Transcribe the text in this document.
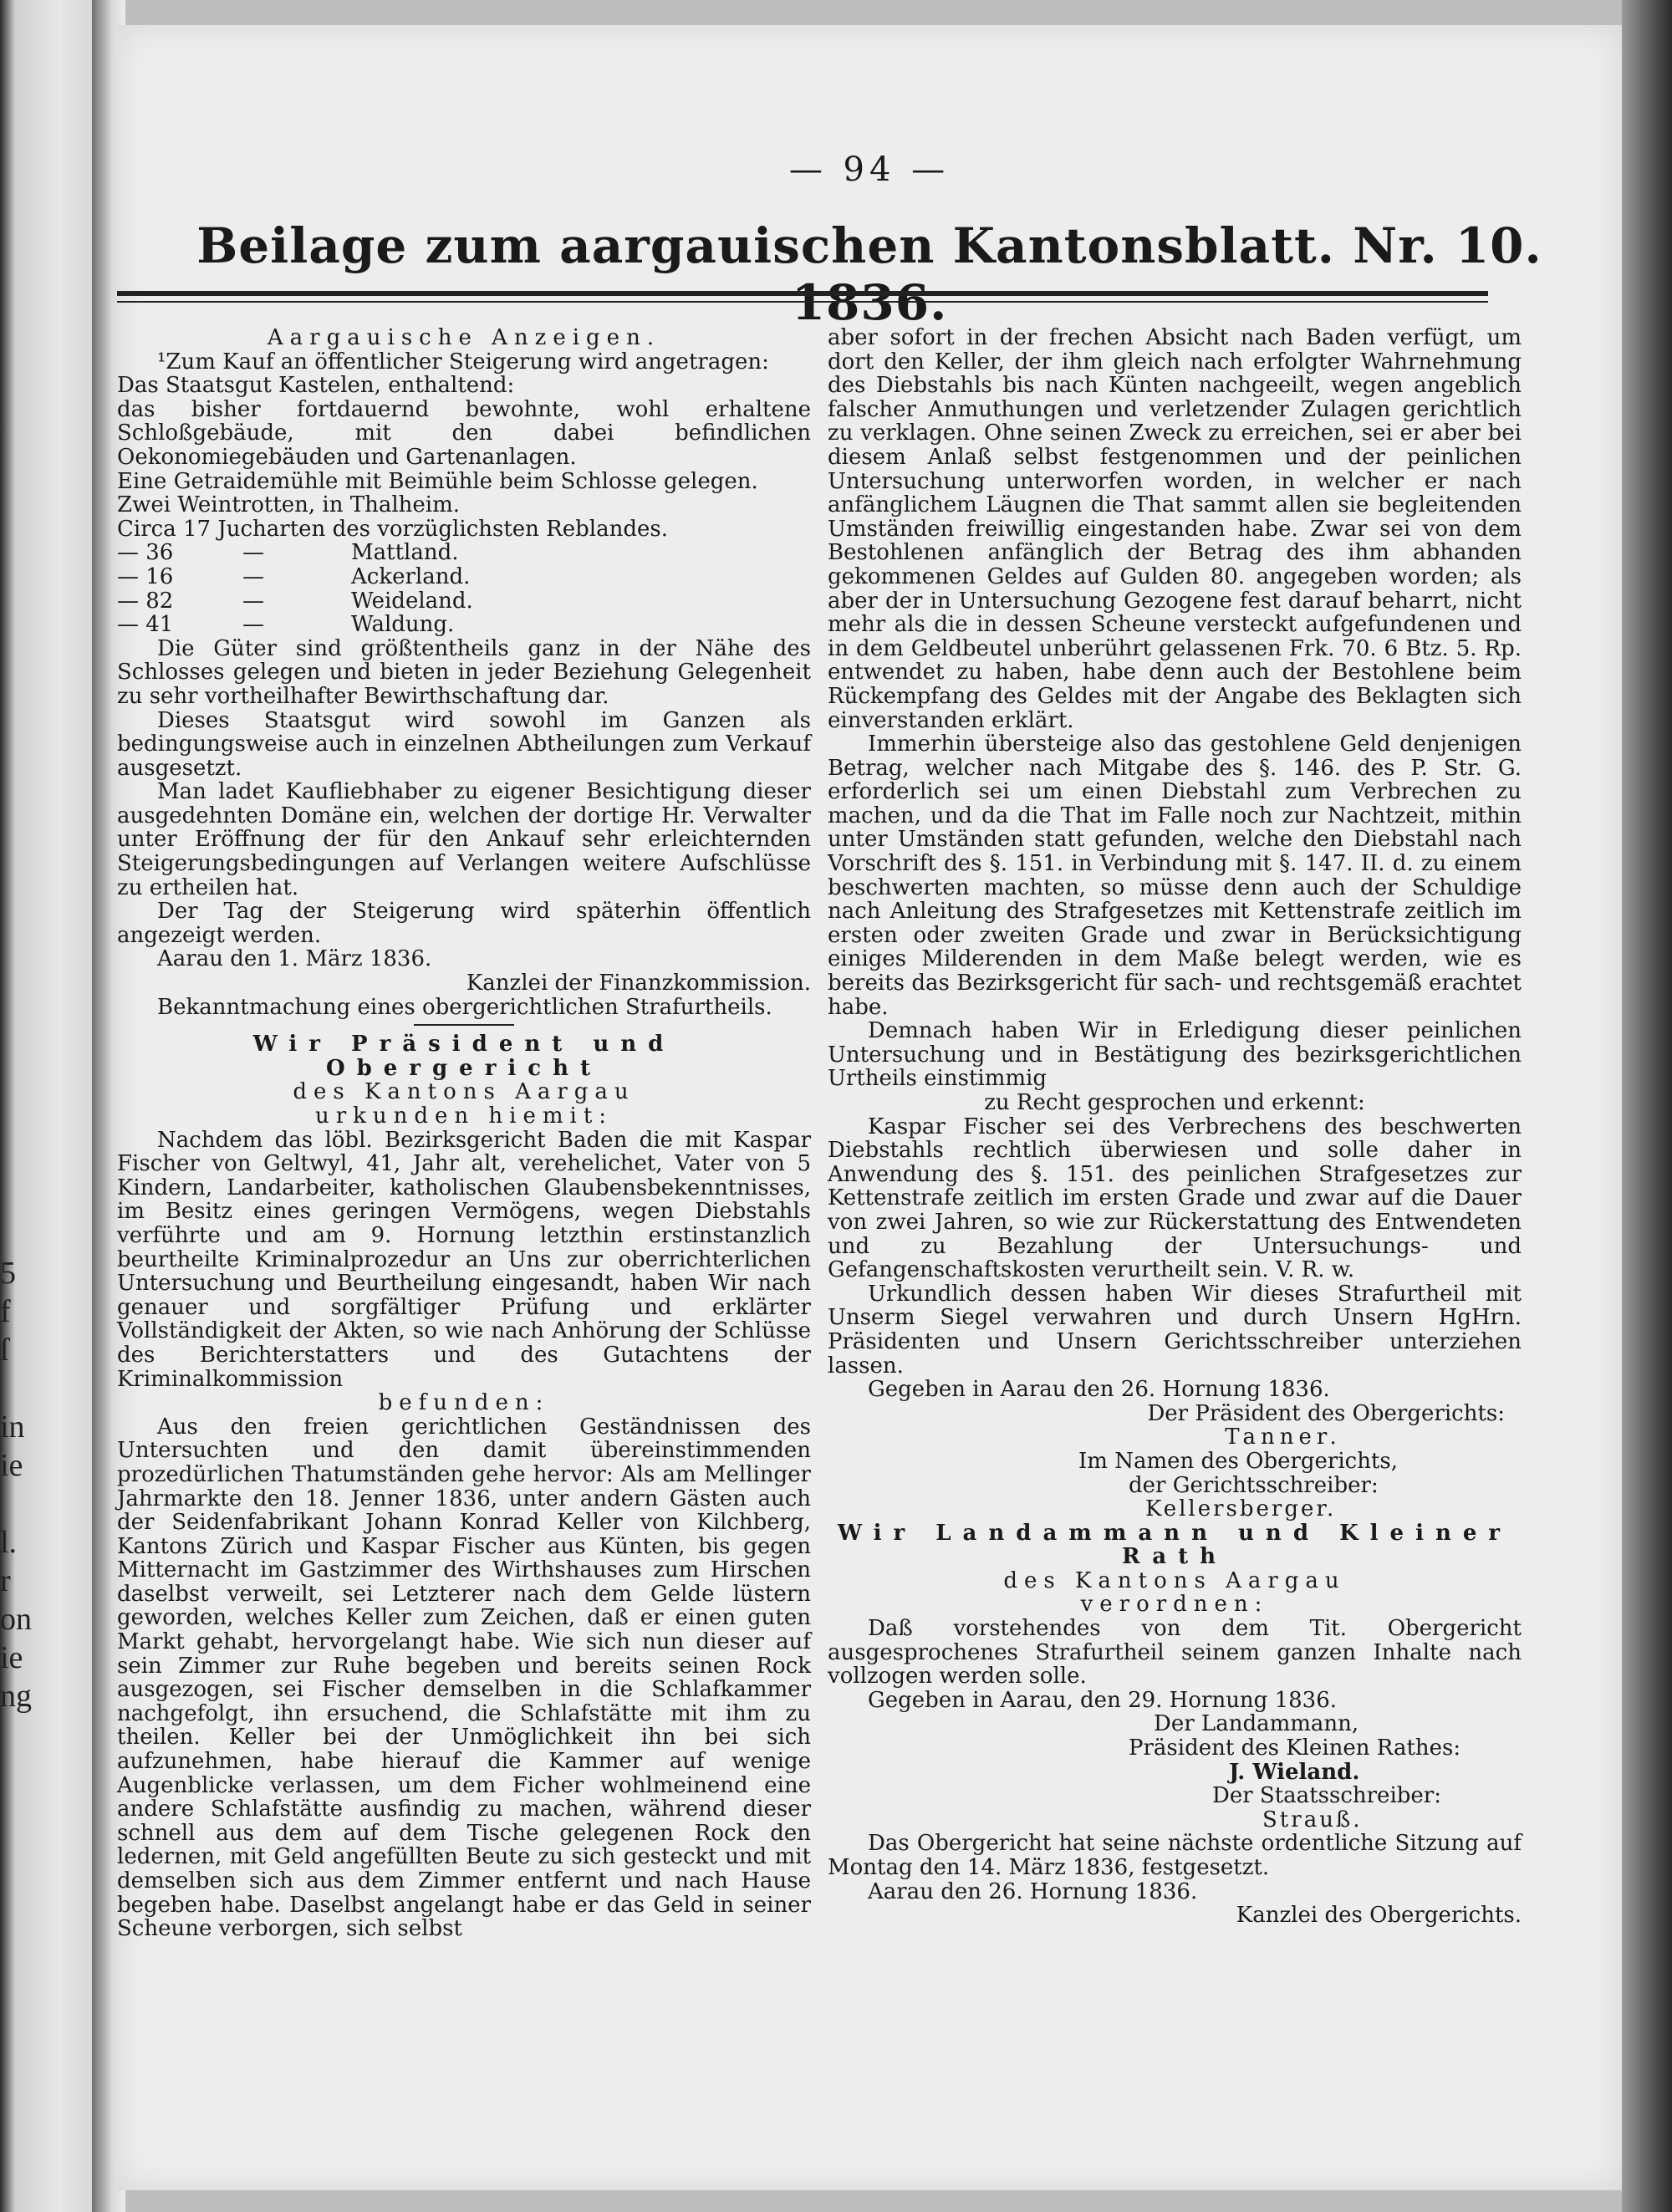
5
f
ſ

in
ie

l.
r
on
ie
ng
— 94 —
Beilage zum aargauischen Kantonsblatt. Nr. 10. 1836.

Aargauische Anzeigen.

¹Zum Kauf an öffentlicher Steigerung wird angetragen:

Das Staatsgut Kastelen, enthaltend:

das bisher fortdauernd bewohnte, wohl erhaltene Schloßgebäude, mit den dabei befindlichen Oekonomiegebäuden und Gartenanlagen.

Eine Getraidemühle mit Beimühle beim Schlosse gelegen.

Zwei Weintrotten, in Thalheim.

Circa 17 Jucharten des vorzüglichsten Reblandes.

— 36	—	Mattland.
— 16	—	Ackerland.
— 82	—	Weideland.
— 41	—	Waldung.

Die Güter sind größtentheils ganz in der Nähe des Schlosses gelegen und bieten in jeder Beziehung Gelegenheit zu sehr vortheilhafter Bewirthschaftung dar.

Dieses Staatsgut wird sowohl im Ganzen als bedingungsweise auch in einzelnen Abtheilungen zum Verkauf ausgesetzt.

Man ladet Kaufliebhaber zu eigener Besichtigung dieser ausgedehnten Domäne ein, welchen der dortige Hr. Verwalter unter Eröffnung der für den Ankauf sehr erleichternden Steigerungsbedingungen auf Verlangen weitere Aufschlüsse zu ertheilen hat.

Der Tag der Steigerung wird späterhin öffentlich angezeigt werden.

Aarau den 1. März 1836.

Kanzlei der Finanzkommission.

Bekanntmachung eines obergerichtlichen Strafurtheils.

Wir Präsident und Obergericht

des Kantons Aargau

urkunden hiemit:

Nachdem das löbl. Bezirksgericht Baden die mit Kaspar Fischer von Geltwyl, 41, Jahr alt, verehelichet, Vater von 5 Kindern, Landarbeiter, katholischen Glaubensbekenntnisses, im Besitz eines geringen Vermögens, wegen Diebstahls verführte und am 9. Hornung letzthin erstinstanzlich beurtheilte Kriminalprozedur an Uns zur oberrichterlichen Untersuchung und Beurtheilung eingesandt, haben Wir nach genauer und sorgfältiger Prüfung und erklärter Vollständigkeit der Akten, so wie nach Anhörung der Schlüsse des Berichterstatters und des Gutachtens der Kriminalkommission

befunden:

Aus den freien gerichtlichen Geständnissen des Untersuchten und den damit übereinstimmenden prozedürlichen Thatumständen gehe hervor: Als am Mellinger Jahrmarkte den 18. Jenner 1836, unter andern Gästen auch der Seidenfabrikant Johann Konrad Keller von Kilchberg, Kantons Zürich und Kaspar Fischer aus Künten, bis gegen Mitternacht im Gastzimmer des Wirthshauses zum Hirschen daselbst verweilt, sei Letzterer nach dem Gelde lüstern geworden, welches Keller zum Zeichen, daß er einen guten Markt gehabt, hervorgelangt habe. Wie sich nun dieser auf sein Zimmer zur Ruhe begeben und bereits seinen Rock ausgezogen, sei Fischer demselben in die Schlafkammer nachgefolgt, ihn ersuchend, die Schlafstätte mit ihm zu theilen. Keller bei der Unmöglichkeit ihn bei sich aufzunehmen, habe hierauf die Kammer auf wenige Augenblicke verlassen, um dem Ficher wohlmeinend eine andere Schlafstätte ausfindig zu machen, während dieser schnell aus dem auf dem Tische gelegenen Rock den ledernen, mit Geld angefüllten Beute zu sich gesteckt und mit demselben sich aus dem Zimmer entfernt und nach Hause begeben habe. Daselbst angelangt habe er das Geld in seiner Scheune verborgen, sich selbst

aber sofort in der frechen Absicht nach Baden verfügt, um dort den Keller, der ihm gleich nach erfolgter Wahrnehmung des Diebstahls bis nach Künten nachgeeilt, wegen angeblich falscher Anmuthungen und verletzender Zulagen gerichtlich zu verklagen. Ohne seinen Zweck zu erreichen, sei er aber bei diesem Anlaß selbst festgenommen und der peinlichen Untersuchung unterworfen worden, in welcher er nach anfänglichem Läugnen die That sammt allen sie begleitenden Umständen freiwillig eingestanden habe. Zwar sei von dem Bestohlenen anfänglich der Betrag des ihm abhanden gekommenen Geldes auf Gulden 80. angegeben worden; als aber der in Untersuchung Gezogene fest darauf beharrt, nicht mehr als die in dessen Scheune versteckt aufgefundenen und in dem Geldbeutel unberührt gelassenen Frk. 70. 6 Btz. 5. Rp. entwendet zu haben, habe denn auch der Bestohlene beim Rückempfang des Geldes mit der Angabe des Beklagten sich einverstanden erklärt.

Immerhin übersteige also das gestohlene Geld denjenigen Betrag, welcher nach Mitgabe des §. 146. des P. Str. G. erforderlich sei um einen Diebstahl zum Verbrechen zu machen, und da die That im Falle noch zur Nachtzeit, mithin unter Umständen statt gefunden, welche den Diebstahl nach Vorschrift des §. 151. in Verbindung mit §. 147. II. d. zu einem beschwerten machten, so müsse denn auch der Schuldige nach Anleitung des Strafgesetzes mit Kettenstrafe zeitlich im ersten oder zweiten Grade und zwar in Berücksichtigung einiges Milderenden in dem Maße belegt werden, wie es bereits das Bezirksgericht für sach- und rechtsgemäß erachtet habe.

Demnach haben Wir in Erledigung dieser peinlichen Untersuchung und in Bestätigung des bezirksgerichtlichen Urtheils einstimmig

zu Recht gesprochen und erkennt:

Kaspar Fischer sei des Verbrechens des beschwerten Diebstahls rechtlich überwiesen und solle daher in Anwendung des §. 151. des peinlichen Strafgesetzes zur Kettenstrafe zeitlich im ersten Grade und zwar auf die Dauer von zwei Jahren, so wie zur Rückerstattung des Entwendeten und zu Bezahlung der Untersuchungs- und Gefangenschaftskosten verurtheilt sein. V. R. w.

Urkundlich dessen haben Wir dieses Strafurtheil mit Unserm Siegel verwahren und durch Unsern HgHrn. Präsidenten und Unsern Gerichtsschreiber unterziehen lassen.

Gegeben in Aarau den 26. Hornung 1836.

Der Präsident des Obergerichts:

Tanner.

Im Namen des Obergerichts,

der Gerichtsschreiber:

Kellersberger.

Wir Landammann und Kleiner Rath

des Kantons Aargau

verordnen:

Daß vorstehendes von dem Tit. Obergericht ausgesprochenes Strafurtheil seinem ganzen Inhalte nach vollzogen werden solle.

Gegeben in Aarau, den 29. Hornung 1836.

Der Landammann,

Präsident des Kleinen Rathes:

J. Wieland.

Der Staatsschreiber:

Strauß.

Das Obergericht hat seine nächste ordentliche Sitzung auf Montag den 14. März 1836, festgesetzt.

Aarau den 26. Hornung 1836.

Kanzlei des Obergerichts.
